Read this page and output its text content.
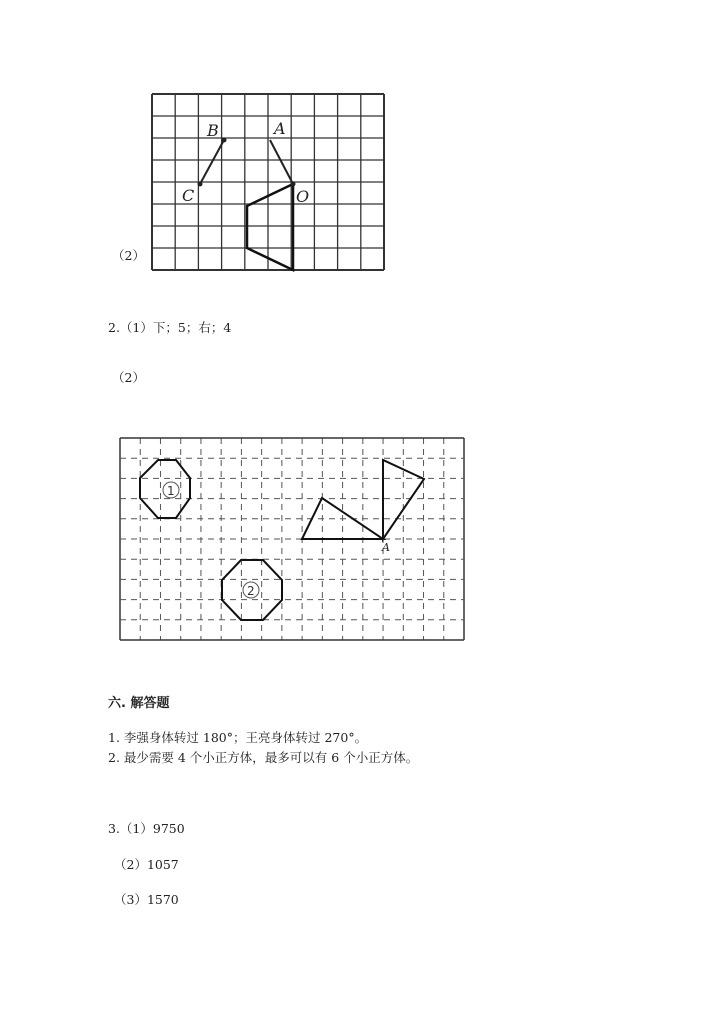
（2）
B	A
C	O
2.（1）下；5；右；4
（2）
1
2
A
六. 解答题
1. 李强身体转过 180°；王亮身体转过 270°。
2. 最少需要 4 个小正方体，最多可以有 6 个小正方体。
3.（1）9750
（2）1057
（3）1570
